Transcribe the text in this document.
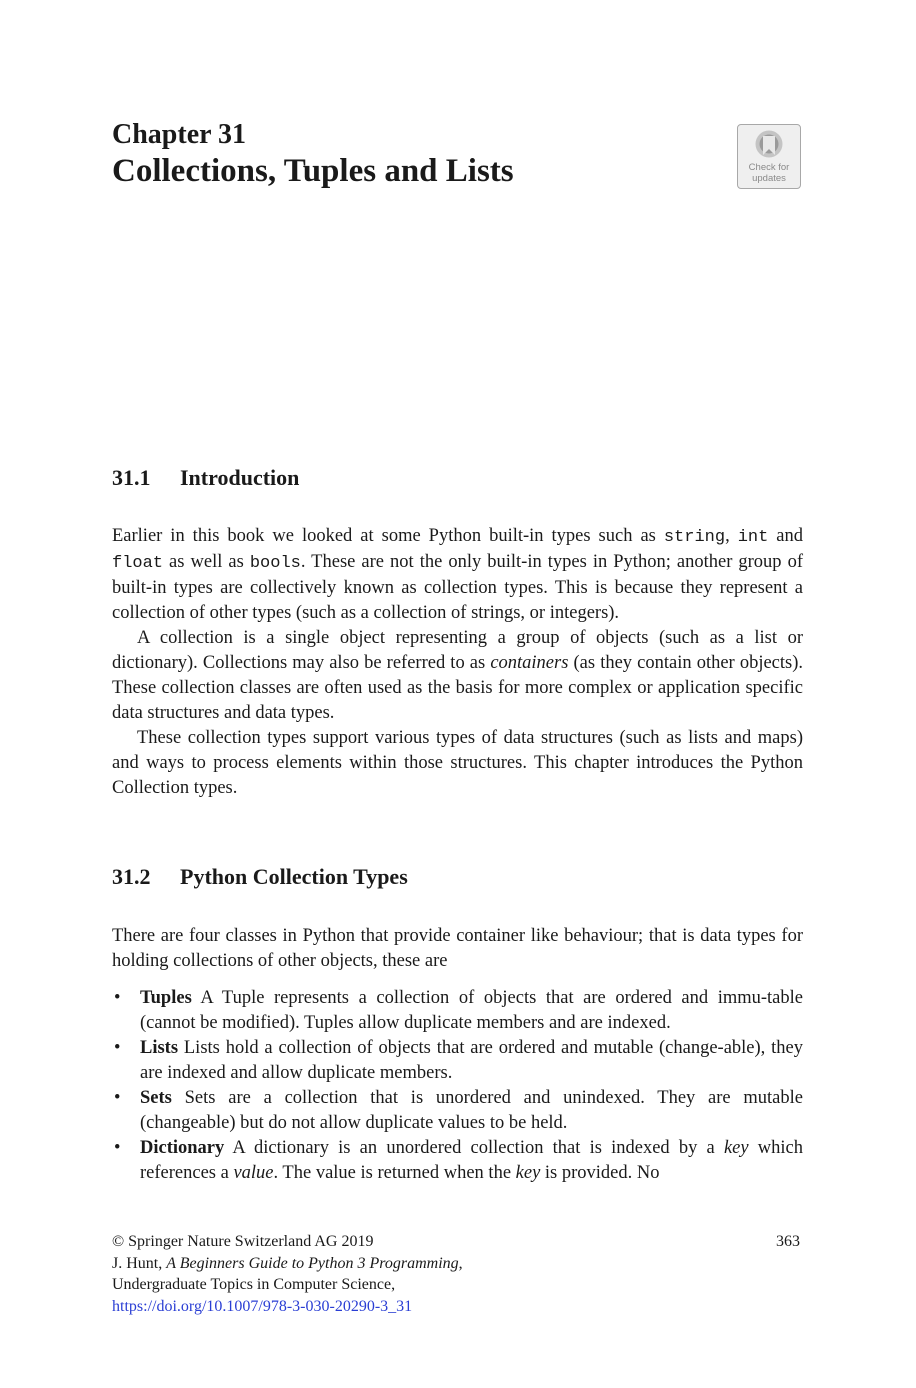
Chapter 31
Collections, Tuples and Lists	Check for
updates
31.1 Introduction

Earlier in this book we looked at some Python built-in types such as string, int and float as well as bools. These are not the only built-in types in Python; another group of built-in types are collectively known as collection types. This is because they represent a collection of other types (such as a collection of strings, or integers).

A collection is a single object representing a group of objects (such as a list or dictionary). Collections may also be referred to as containers (as they contain other objects). These collection classes are often used as the basis for more complex or application specific data structures and data types.

These collection types support various types of data structures (such as lists and maps) and ways to process elements within those structures. This chapter introduces the Python Collection types.

31.2 Python Collection Types

There are four classes in Python that provide container like behaviour; that is data types for holding collections of other objects, these are

• Tuples A Tuple represents a collection of objects that are ordered and immu-table (cannot be modified). Tuples allow duplicate members and are indexed.
• Lists Lists hold a collection of objects that are ordered and mutable (change-able), they are indexed and allow duplicate members.
• Sets Sets are a collection that is unordered and unindexed. They are mutable (changeable) but do not allow duplicate values to be held.
• Dictionary A dictionary is an unordered collection that is indexed by a key which references a value. The value is returned when the key is provided. No
© Springer Nature Switzerland AG 2019
J. Hunt, A Beginners Guide to Python 3 Programming,
Undergraduate Topics in Computer Science,
https://doi.org/10.1007/978-3-030-20290-3_31
363
